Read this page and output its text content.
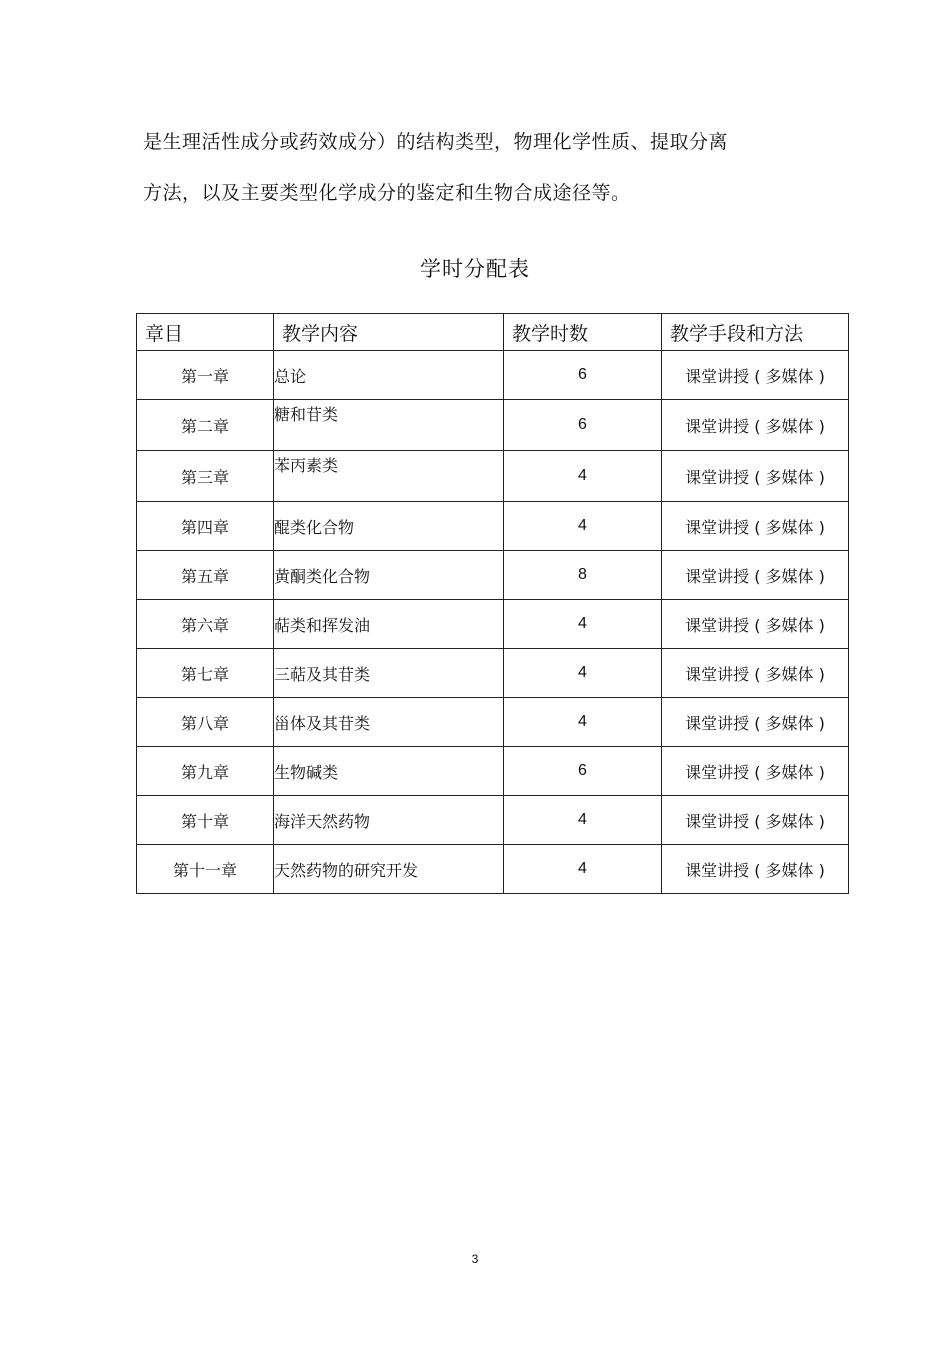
是生理活性成分或药效成分）的结构类型，物理化学性质、提取分离
方法，以及主要类型化学成分的鉴定和生物合成途径等。
学时分配表
章目	教学内容	教学时数	教学手段和方法
第一章	总论	6	课堂讲授 ( 多媒体 )
第二章	糖和苷类	6	课堂讲授 ( 多媒体 )
第三章	苯丙素类	4	课堂讲授 ( 多媒体 )
第四章	醌类化合物	4	课堂讲授 ( 多媒体 )
第五章	黄酮类化合物	8	课堂讲授 ( 多媒体 )
第六章	萜类和挥发油	4	课堂讲授 ( 多媒体 )
第七章	三萜及其苷类	4	课堂讲授 ( 多媒体 )
第八章	甾体及其苷类	4	课堂讲授 ( 多媒体 )
第九章	生物碱类	6	课堂讲授 ( 多媒体 )
第十章	海洋天然药物	4	课堂讲授 ( 多媒体 )
第十一章	天然药物的研究开发	4	课堂讲授 ( 多媒体 )
3
